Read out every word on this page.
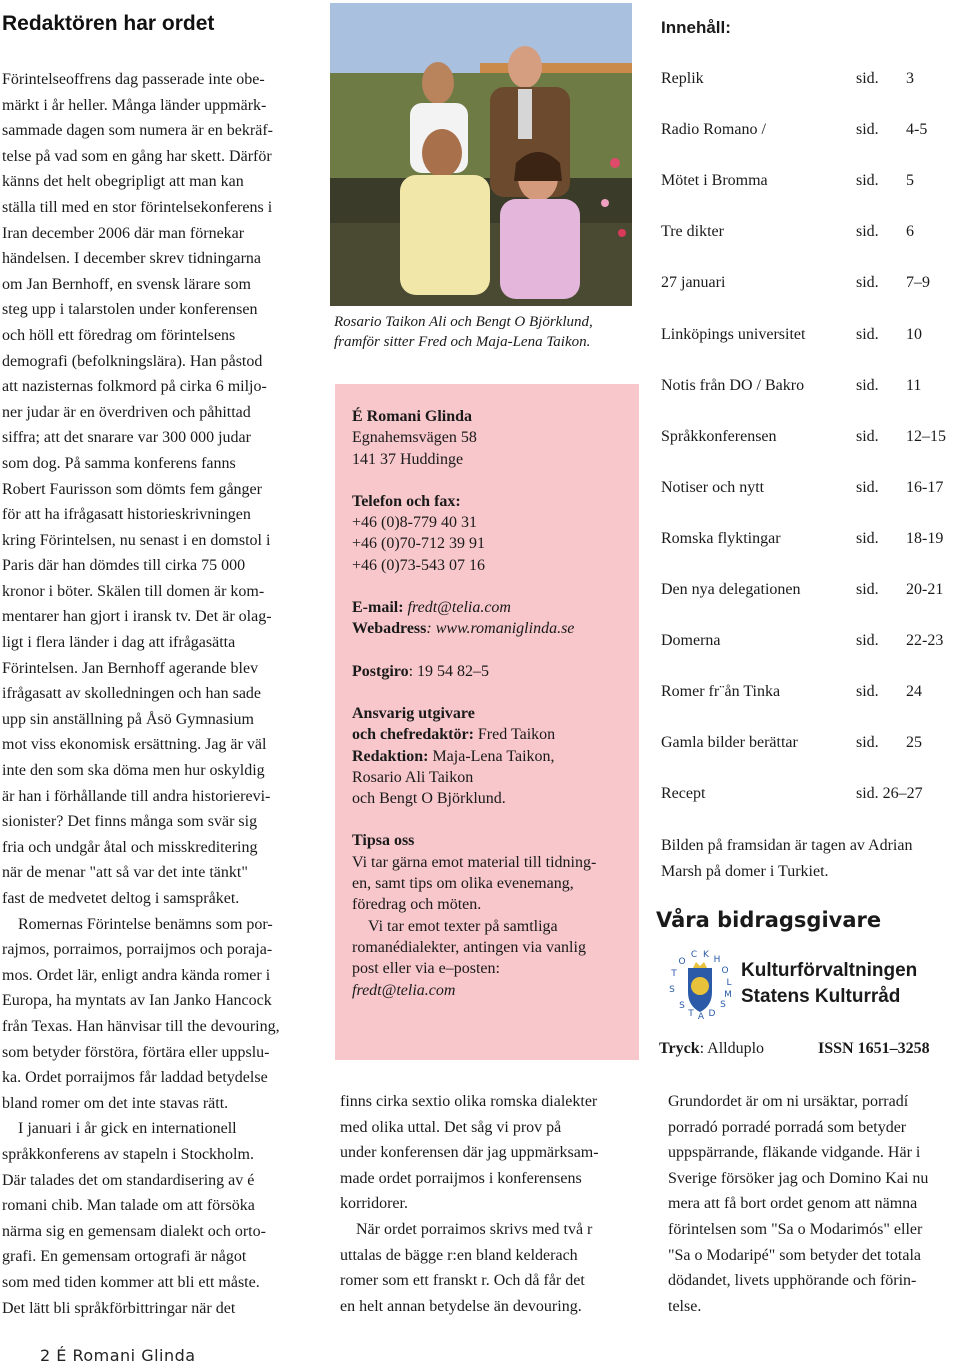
Redaktören har ordet

Förintelseoffrens dag passerade inte obe-

märkt i år heller. Många länder uppmärk-

sammade dagen som numera är en bekräf-

telse på vad som en gång har skett. Därför

känns det helt obegripligt att man kan

ställa till med en stor förintelsekonferens i

Iran december 2006 där man förnekar

händelsen. I december skrev tidningarna

om Jan Bernhoff, en svensk lärare som

steg upp i talarstolen under konferensen

och höll ett föredrag om förintelsens

demografi (befolkningslära). Han påstod

att nazisternas folkmord på cirka 6 miljo-

ner judar är en överdriven och påhittad

siffra; att det snarare var 300 000 judar

som dog. På samma konferens fanns

Robert Faurisson som dömts fem gånger

för att ha ifrågasatt historieskrivningen

kring Förintelsen, nu senast i en domstol i

Paris där han dömdes till cirka 75 000

kronor i böter. Skälen till domen är kom-

mentarer han gjort i iransk tv. Det är olag-

ligt i flera länder i dag att ifrågasätta

Förintelsen. Jan Bernhoff agerande blev

ifrågasatt av skolledningen och han sade

upp sin anställning på Åsö Gymnasium

mot viss ekonomisk ersättning. Jag är väl

inte den som ska döma men hur oskyldig

är han i förhållande till andra historierevi-

sionister? Det finns många som svär sig

fria och undgår åtal och misskreditering

när de menar "att så var det inte tänkt"

fast de medvetet deltog i samspråket.

Romernas Förintelse benämns som por-

rajmos, porraimos, porraijmos och poraja-

mos. Ordet lär, enligt andra kända romer i

Europa, ha myntats av Ian Janko Hancock

från Texas. Han hänvisar till the devouring,

som betyder förstöra, förtära eller uppslu-

ka. Ordet porraijmos får laddad betydelse

bland romer om det inte stavas rätt.

I januari i år gick en internationell

språkkonferens av stapeln i Stockholm.

Där talades det om standardisering av é

romani chib. Man talade om att försöka

närma sig en gemensam dialekt och orto-

grafi. En gemensam ortografi är något

som med tiden kommer att bli ett måste.

Det lätt bli språkförbittringar när det

Rosario Taikon Ali och Bengt O Björklund,
framför sitter Fred och Maja-Lena Taikon.
É Romani Glinda
Egnahemsvägen 58
141 37 Huddinge
Telefon och fax:
+46 (0)8-779 40 31
+46 (0)70-712 39 91
+46 (0)73-543 07 16
E-mail: fredt@telia.com
Webadress: www.romaniglinda.se
Postgiro: 19 54 82–5
Ansvarig utgivare
och chefredaktör: Fred Taikon
Redaktion: Maja-Lena Taikon,
Rosario Ali Taikon
och Bengt O Björklund.
Tipsa oss
Vi tar gärna emot material till tidning-
en, samt tips om olika evenemang,
föredrag och möten.
Vi tar emot texter på samtliga
romanédialekter, antingen via vanlig
post eller via e–posten:
fredt@telia.com

finns cirka sextio olika romska dialekter

med olika uttal. Det såg vi prov på

under konferensen där jag uppmärksam-

made ordet porraijmos i konferensens

korridorer.

När ordet porraimos skrivs med två r

uttalas de bägge r:en bland kelderach

romer som ett franskt r. Och då får det

en helt annan betydelse än devouring.

Innehåll:
Replik	sid. 3
Radio Romano /	sid. 4-5
Mötet i Bromma	sid. 5
Tre dikter	sid. 6
27 januari	sid. 7–9
Linköpings universitet	sid. 10
Notis från DO / Bakro	sid. 11
Språkkonferensen	sid. 12–15
Notiser och nytt	sid. 16-17
Romska flyktingar	sid. 18-19
Den nya delegationen	sid. 20-21
Domerna	sid. 22-23
Romer fr¨ån Tinka	sid. 24
Gamla bilder berättar	sid. 25
Recept	sid. 26–27
Bilden på framsidan är tagen av Adrian
Marsh på domer i Turkiet.
Våra bidragsgivare
S
T
O
C K H
O
L
M
S
S
T A D
Kulturförvaltningen
Statens Kulturråd
Tryck: Allduplo	ISSN 1651–3258

Grundordet är om ni ursäktar, porradí

porradó porradé porradá som betyder

uppspärrande, fläkande vidgande. Här i

Sverige försöker jag och Domino Kai nu

mera att få bort ordet genom att nämna

förintelsen som "Sa o Modarimós" eller

"Sa o Modaripé" som betyder det totala

dödandet, livets upphörande och förin-

telse.

2 É Romani Glinda
